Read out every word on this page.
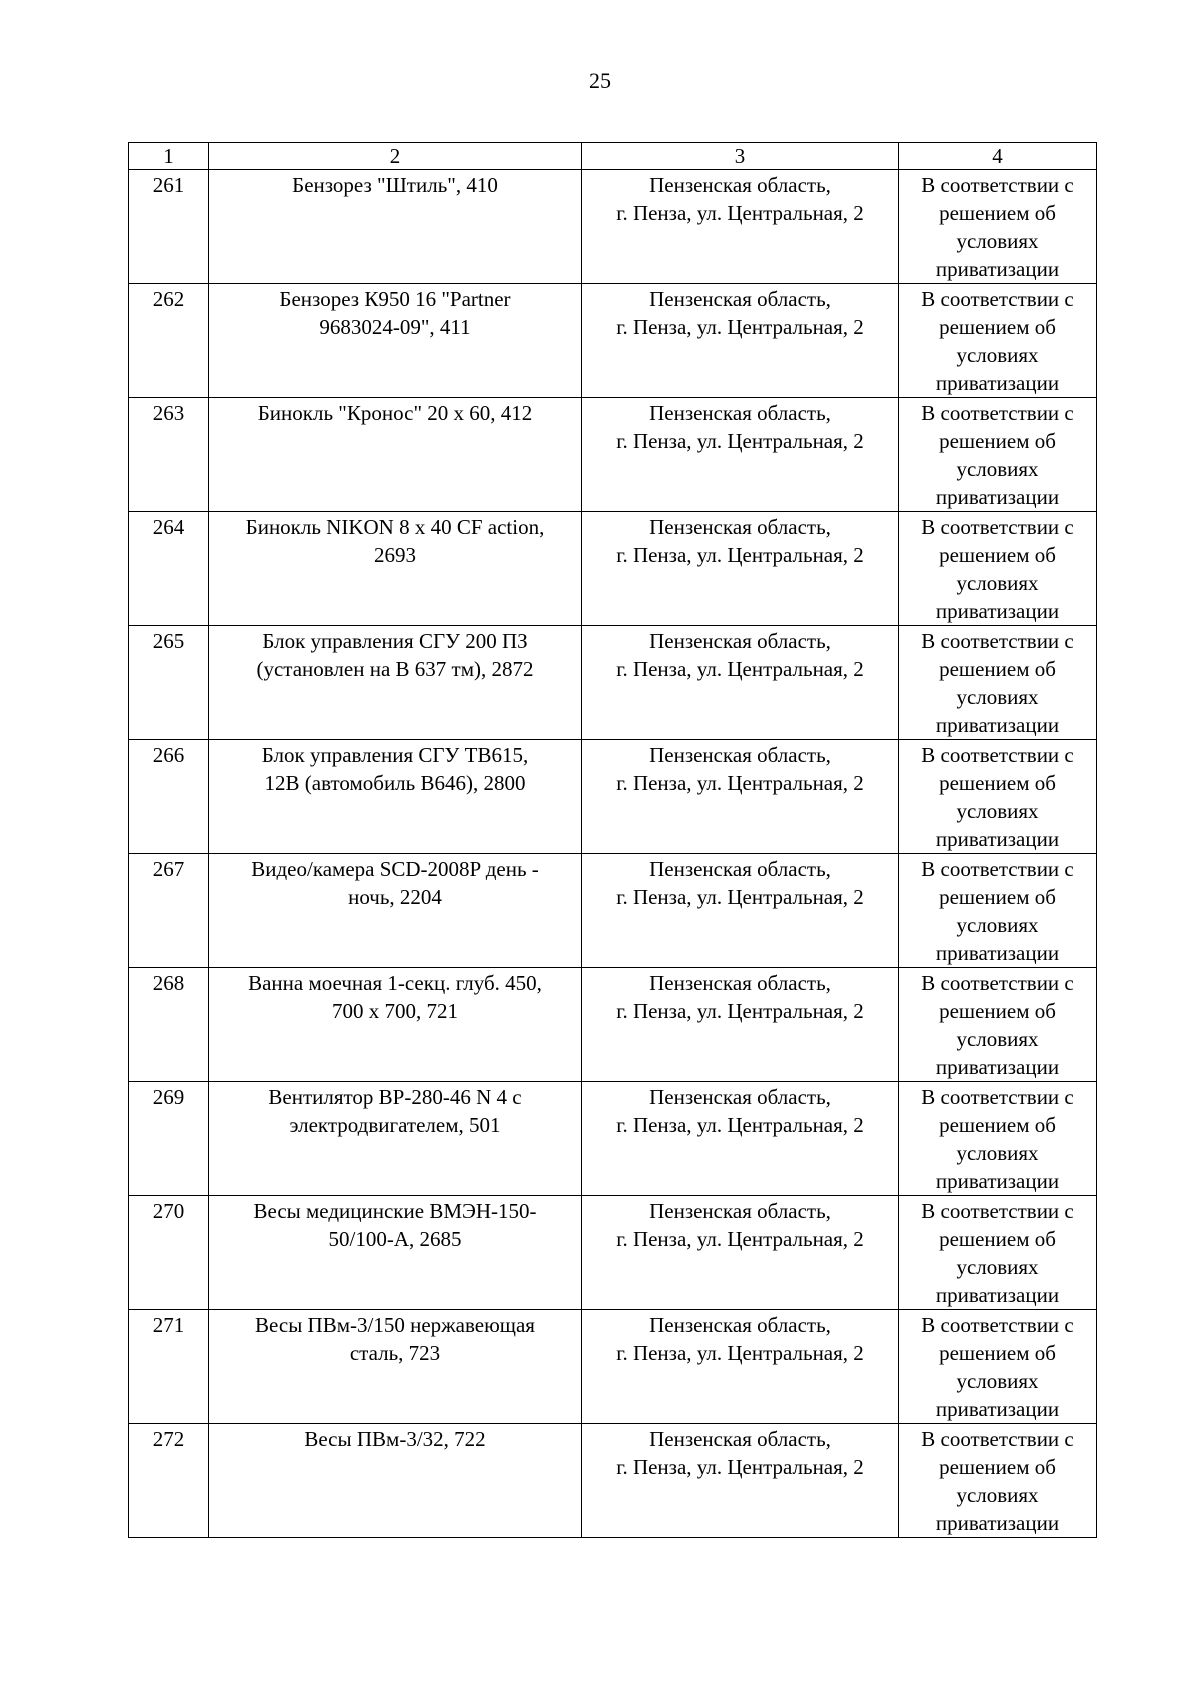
25
1	2	3	4
261	Бензорез "Штиль", 410	Пензенская область,
г. Пенза, ул. Центральная, 2	В соответствии с
решением об
условиях
приватизации

262	Бензорез К950 16 "Partner
9683024-09", 411	Пензенская область,
г. Пенза, ул. Центральная, 2	В соответствии с
решением об
условиях
приватизации

263	Бинокль "Кронос" 20 х 60, 412	Пензенская область,
г. Пенза, ул. Центральная, 2	В соответствии с
решением об
условиях
приватизации

264	Бинокль NIKON 8 x 40 CF action,
2693	Пензенская область,
г. Пенза, ул. Центральная, 2	В соответствии с
решением об
условиях
приватизации

265	Блок управления СГУ 200 ПЗ
(установлен на В 637 тм), 2872	Пензенская область,
г. Пенза, ул. Центральная, 2	В соответствии с
решением об
условиях
приватизации

266	Блок управления СГУ ТВ615,
12В (автомобиль В646), 2800	Пензенская область,
г. Пенза, ул. Центральная, 2	В соответствии с
решением об
условиях
приватизации

267	Видео/камера SCD-2008P день -
ночь, 2204	Пензенская область,
г. Пенза, ул. Центральная, 2	В соответствии с
решением об
условиях
приватизации

268	Ванна моечная 1-секц. глуб. 450,
700 х 700, 721	Пензенская область,
г. Пенза, ул. Центральная, 2	В соответствии с
решением об
условиях
приватизации

269	Вентилятор ВР-280-46 N 4 с
электродвигателем, 501	Пензенская область,
г. Пенза, ул. Центральная, 2	В соответствии с
решением об
условиях
приватизации

270	Весы медицинские ВМЭН-150-
50/100-А, 2685	Пензенская область,
г. Пенза, ул. Центральная, 2	В соответствии с
решением об
условиях
приватизации

271	Весы ПВм-3/150 нержавеющая
сталь, 723	Пензенская область,
г. Пенза, ул. Центральная, 2	В соответствии с
решением об
условиях
приватизации

272	Весы ПВм-3/32, 722	Пензенская область,
г. Пенза, ул. Центральная, 2	В соответствии с
решением об
условиях
приватизации
